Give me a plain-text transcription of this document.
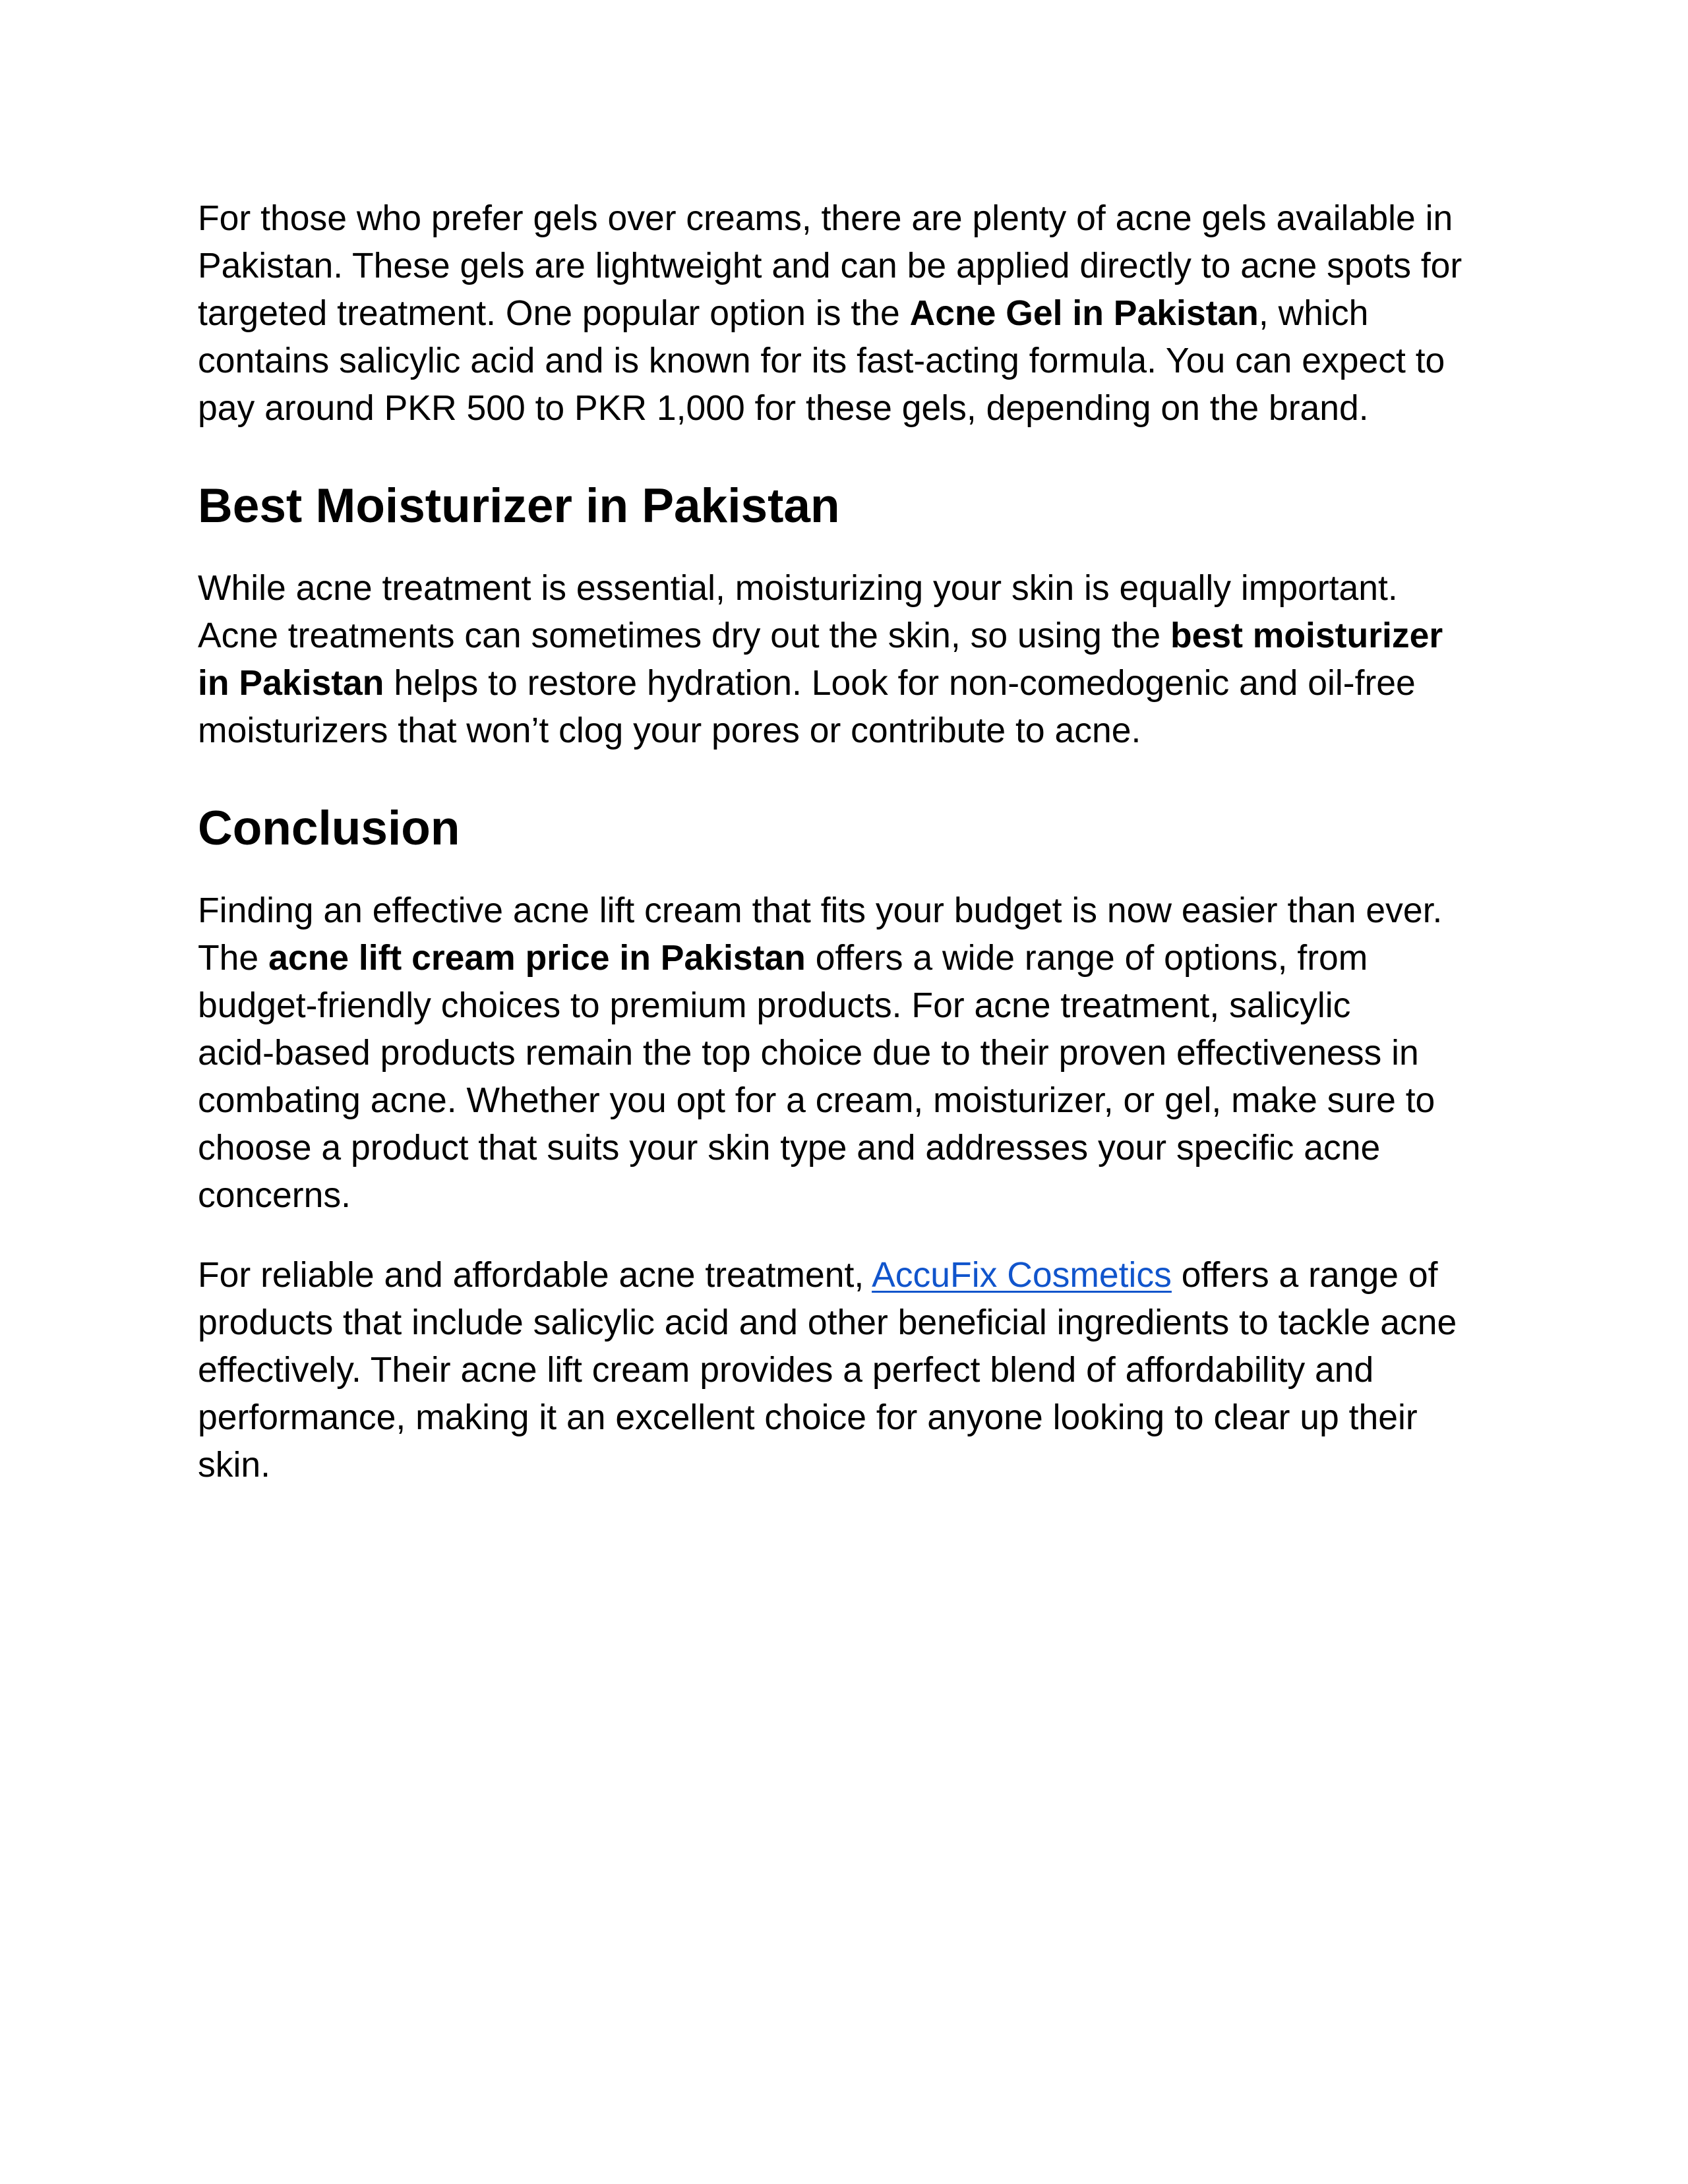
For those who prefer gels over creams, there are plenty of acne gels available in
Pakistan. These gels are lightweight and can be applied directly to acne spots for
targeted treatment. One popular option is the Acne Gel in Pakistan, which
contains salicylic acid and is known for its fast-acting formula. You can expect to
pay around PKR 500 to PKR 1,000 for these gels, depending on the brand.

Best Moisturizer in Pakistan

While acne treatment is essential, moisturizing your skin is equally important.
Acne treatments can sometimes dry out the skin, so using the best moisturizer
in Pakistan helps to restore hydration. Look for non-comedogenic and oil-free
moisturizers that won’t clog your pores or contribute to acne.

Conclusion

Finding an effective acne lift cream that fits your budget is now easier than ever.
The acne lift cream price in Pakistan offers a wide range of options, from
budget-friendly choices to premium products. For acne treatment, salicylic
acid-based products remain the top choice due to their proven effectiveness in
combating acne. Whether you opt for a cream, moisturizer, or gel, make sure to
choose a product that suits your skin type and addresses your specific acne
concerns.

For reliable and affordable acne treatment, AccuFix Cosmetics offers a range of
products that include salicylic acid and other beneficial ingredients to tackle acne
effectively. Their acne lift cream provides a perfect blend of affordability and
performance, making it an excellent choice for anyone looking to clear up their
skin.
